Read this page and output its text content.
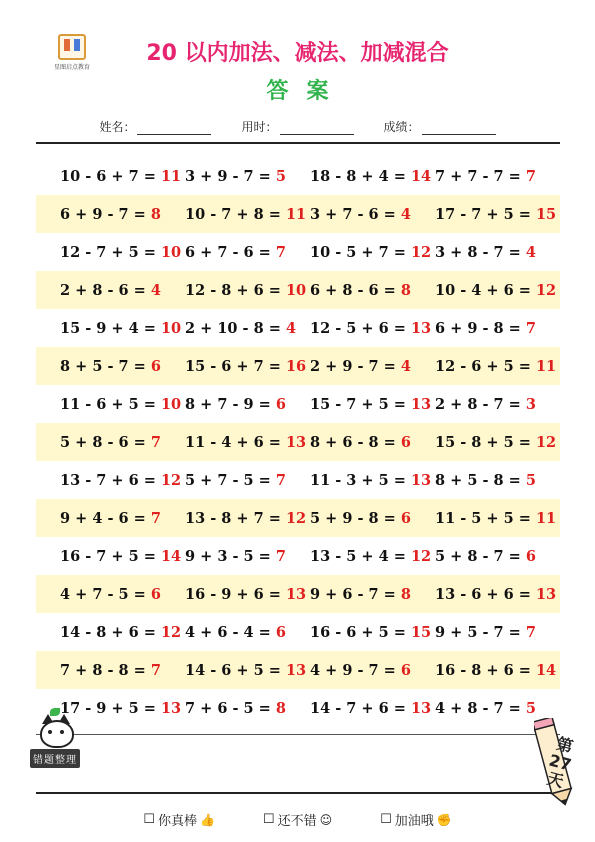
星图启点教育
20 以内加法、减法、加减混合
答案
姓名：	用时：	成绩：
10 - 6 + 7 = 11 3 + 9 - 7 = 5	18 - 8 + 4 = 14 7 + 7 - 7 = 7
6 + 9 - 7 = 8	10 - 7 + 8 = 11 3 + 7 - 6 = 4	17 - 7 + 5 = 15
12 - 7 + 5 = 10 6 + 7 - 6 = 7	10 - 5 + 7 = 12 3 + 8 - 7 = 4
2 + 8 - 6 = 4	12 - 8 + 6 = 10 6 + 8 - 6 = 8	10 - 4 + 6 = 12
15 - 9 + 4 = 10 2 + 10 - 8 = 4 12 - 5 + 6 = 13 6 + 9 - 8 = 7
8 + 5 - 7 = 6	15 - 6 + 7 = 16 2 + 9 - 7 = 4	12 - 6 + 5 = 11
11 - 6 + 5 = 10 8 + 7 - 9 = 6	15 - 7 + 5 = 13 2 + 8 - 7 = 3
5 + 8 - 6 = 7	11 - 4 + 6 = 13 8 + 6 - 8 = 6	15 - 8 + 5 = 12
13 - 7 + 6 = 12 5 + 7 - 5 = 7	11 - 3 + 5 = 13 8 + 5 - 8 = 5
9 + 4 - 6 = 7	13 - 8 + 7 = 12 5 + 9 - 8 = 6	11 - 5 + 5 = 11
16 - 7 + 5 = 14 9 + 3 - 5 = 7	13 - 5 + 4 = 12 5 + 8 - 7 = 6
4 + 7 - 5 = 6	16 - 9 + 6 = 13 9 + 6 - 7 = 8	13 - 6 + 6 = 13
14 - 8 + 6 = 12 4 + 6 - 4 = 6	16 - 6 + 5 = 15 9 + 5 - 7 = 7
7 + 8 - 8 = 7	14 - 6 + 5 = 13 4 + 9 - 7 = 6	16 - 8 + 6 = 14
17 - 9 + 5 = 13 7 + 6 - 5 = 8	14 - 7 + 6 = 13 4 + 8 - 7 = 5
错题整理
第27天
☐ 你真棒 👍	☐ 还不错 ☺	☐ 加油哦 ✊
